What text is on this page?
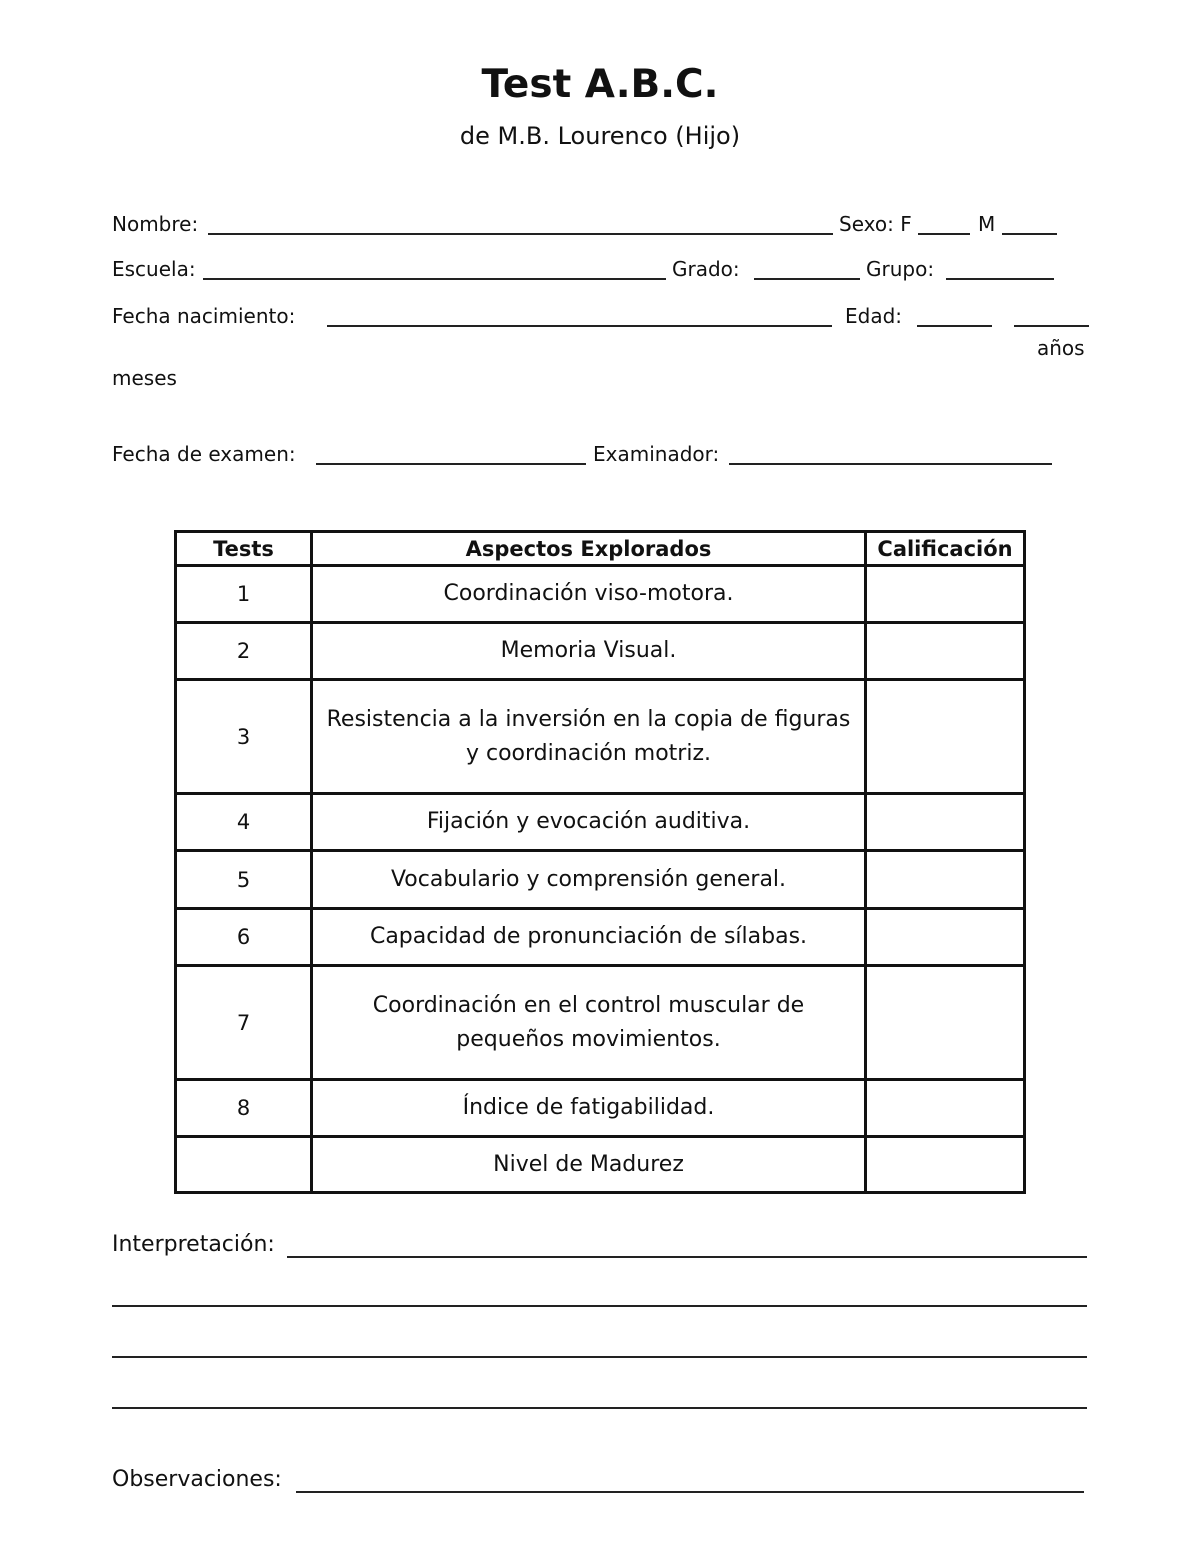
Test A.B.C.
de M.B. Lourenco (Hijo)
Nombre:	Sexo: F	M
Escuela:	Grado:	Grupo:
Fecha nacimiento:	Edad:
años
meses
Fecha de examen:	Examinador:
Tests	Aspectos Explorados	Calificación
1	Coordinación viso-motora.	
2	Memoria Visual.	
3	Resistencia a la inversión en la copia de figuras y coordinación motriz.	
4	Fijación y evocación auditiva.	
5	Vocabulario y comprensión general.	
6	Capacidad de pronunciación de sílabas.	
7	Coordinación en el control muscular de pequeños movimientos.	
8	Índice de fatigabilidad.	
	Nivel de Madurez	
Interpretación:
Observaciones:
